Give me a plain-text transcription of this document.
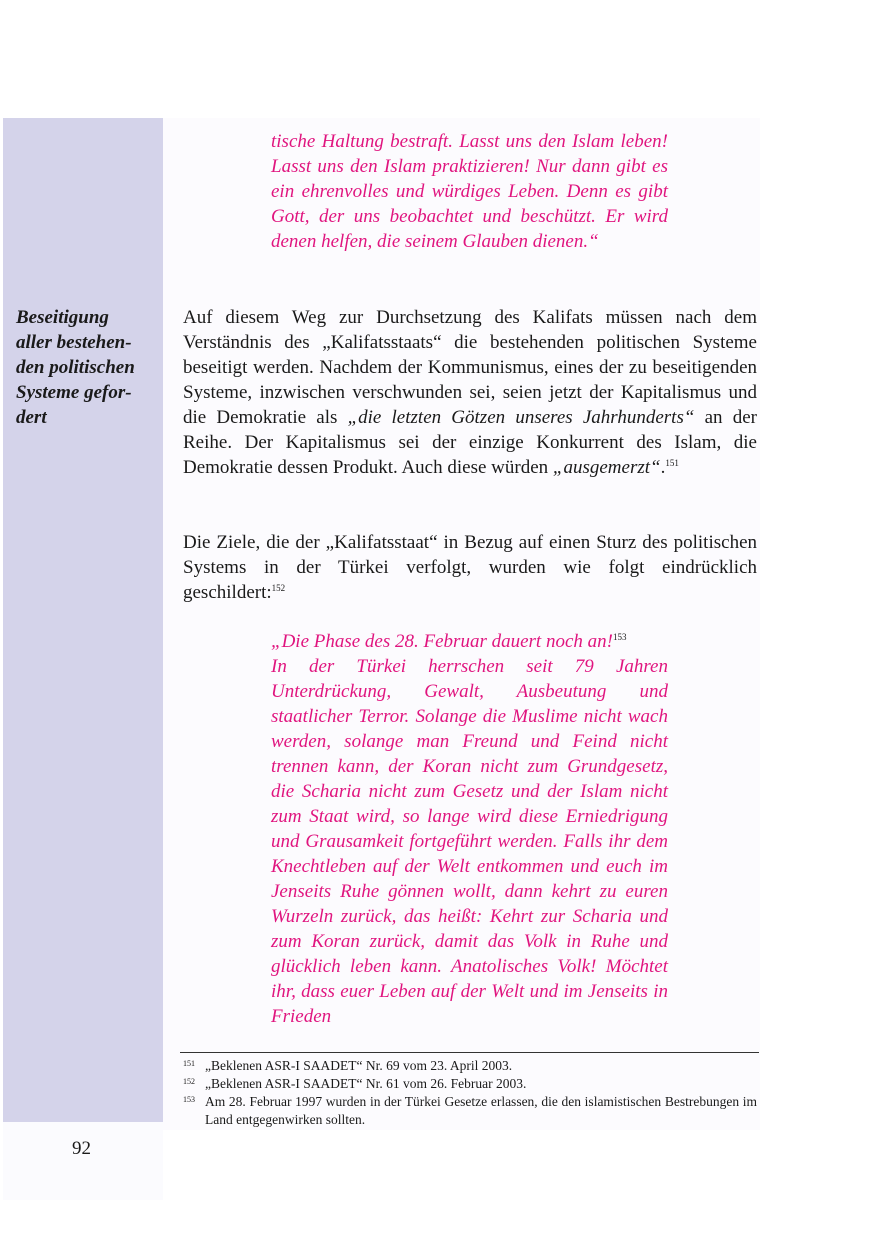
Beseitigung
aller bestehen-
den politischen
Systeme gefor-
dert

tische Haltung bestraft. Lasst uns den Islam leben! Lasst uns den Islam praktizieren! Nur dann gibt es ein ehrenvolles und würdiges Leben. Denn es gibt Gott, der uns beobachtet und beschützt. Er wird denen helfen, die seinem Glauben dienen.“

Auf diesem Weg zur Durchsetzung des Kalifats müssen nach dem Verständnis des „Kalifatsstaats“ die bestehenden politischen Systeme beseitigt werden. Nachdem der Kommunismus, eines der zu beseitigenden Systeme, inzwischen verschwunden sei, seien jetzt der Kapitalismus und die Demokratie als „die letzten Götzen unseres Jahrhunderts“ an der Reihe. Der Kapitalismus sei der einzige Konkurrent des Islam, die Demokratie dessen Produkt. Auch diese würden „ausgemerzt“.$^{151}$

Die Ziele, die der „Kalifatsstaat“ in Bezug auf einen Sturz des politischen Systems in der Türkei verfolgt, wurden wie folgt eindrücklich geschildert:$^{152}$

„Die Phase des 28. Februar dauert noch an!$^{153}$
In der Türkei herrschen seit 79 Jahren Unterdrückung, Gewalt, Ausbeutung und staatlicher Terror. Solange die Muslime nicht wach werden, solange man Freund und Feind nicht trennen kann, der Koran nicht zum Grundgesetz, die Scharia nicht zum Gesetz und der Islam nicht zum Staat wird, so lange wird diese Erniedrigung und Grausamkeit fortgeführt werden. Falls ihr dem Knechtleben auf der Welt entkommen und euch im Jenseits Ruhe gönnen wollt, dann kehrt zu euren Wurzeln zurück, das heißt: Kehrt zur Scharia und zum Koran zurück, damit das Volk in Ruhe und glücklich leben kann. Anatolisches Volk! Möchtet ihr, dass euer Leben auf der Welt und im Jenseits in Frieden

151 „Beklenen ASR-I SAADET“ Nr. 69 vom 23. April 2003.
152 „Beklenen ASR-I SAADET“ Nr. 61 vom 26. Februar 2003.
153 Am 28. Februar 1997 wurden in der Türkei Gesetze erlassen, die den islamistischen Bestrebungen im Land entgegenwirken sollten.
92
